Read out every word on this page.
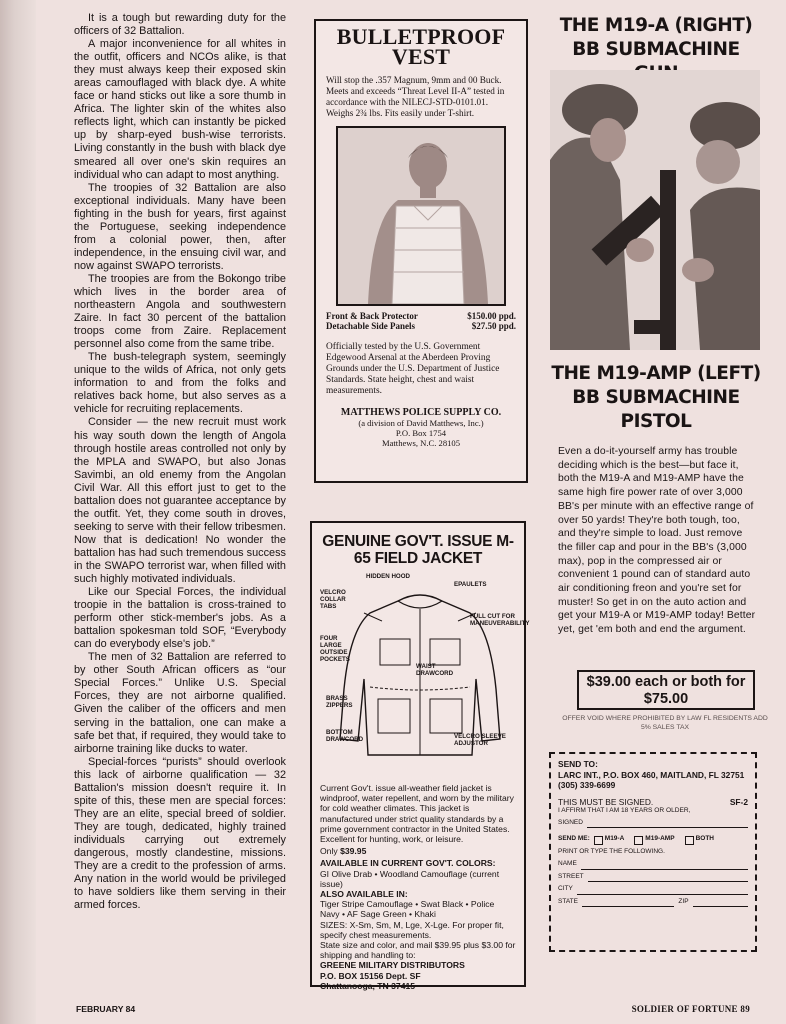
It is a tough but rewarding duty for the officers of 32 Battalion.

A major inconvenience for all whites in the outfit, officers and NCOs alike, is that they must always keep their exposed skin areas camouflaged with black dye. A white face or hand sticks out like a sore thumb in Africa. The lighter skin of the whites also reflects light, which can instantly be picked up by sharp-eyed bush-wise terrorists. Living constantly in the bush with black dye smeared all over one's skin requires an individual who can adapt to most anything.

The troopies of 32 Battalion are also exceptional individuals. Many have been fighting in the bush for years, first against the Portuguese, seeking independence from a colonial power, then, after independence, in the ensuing civil war, and now against SWAPO terrorists.

The troopies are from the Bokongo tribe which lives in the border area of northeastern Angola and southwestern Zaire. In fact 30 percent of the battalion troops come from Zaire. Replacement personnel also come from the same tribe.

The bush-telegraph system, seemingly unique to the wilds of Africa, not only gets information to and from the folks and relatives back home, but also serves as a vehicle for recruiting replacements.

Consider — the new recruit must work his way south down the length of Angola through hostile areas controlled not only by the MPLA and SWAPO, but also Jonas Savimbi, an old enemy from the Angolan Civil War. All this effort just to get to the battalion does not guarantee acceptance by the outfit. Yet, they come south in droves, seeking to serve with their fellow tribesmen. Now that is dedication! No wonder the battalion has had such tremendous success in the SWAPO terrorist war, when filled with such highly motivated individuals.

Like our Special Forces, the individual troopie in the battalion is cross-trained to perform other stick-member's jobs. As a battalion spokesman told SOF, “Everybody can do everybody else's job.”

The men of 32 Battalion are referred to by other South African officers as “our Special Forces.” Unlike U.S. Special Forces, they are not airborne qualified. Given the caliber of the officers and men serving in the battalion, one can make a safe bet that, if required, they would take to airborne training like ducks to water.

Special-forces “purists” should overlook this lack of airborne qualification — 32 Battalion's mission doesn't require it. In spite of this, these men are special forces: They are an elite, special breed of soldier. They are tough, dedicated, highly trained individuals carrying out extremely dangerous, mostly clandestine, missions. They are a credit to the profession of arms. Any nation in the world would be privileged to have soldiers like them serving in their armed forces.

BULLETPROOF VEST
Will stop the .357 Magnum, 9mm and 00 Buck. Meets and exceeds “Threat Level II-A” tested in accordance with the NILECJ-STD-0101.01. Weighs 2¾ lbs. Fits easily under T-shirt.
Front & Back Protector	$150.00 ppd.
Detachable Side Panels	$27.50 ppd.
Officially tested by the U.S. Government Edgewood Arsenal at the Aberdeen Proving Grounds under the U.S. Department of Justice Standards. State height, chest and waist measurements.
MATTHEWS POLICE SUPPLY CO.
(a division of David Matthews, Inc.)
P.O. Box 1754
Matthews, N.C. 28105
GENUINE GOV'T. ISSUE M-65 FIELD JACKET
HIDDEN HOOD
EPAULETS
VELCRO COLLAR TABS
FULL CUT FOR MANEUVERABILITY
FOUR LARGE OUTSIDE POCKETS
WAIST DRAWCORD
BRASS ZIPPERS
BOTTOM DRAWCORD	VELCRO SLEEVE ADJUSTOR
Current Gov't. issue all-weather field jacket is windproof, water repellent, and worn by the military for cold weather climates. This jacket is manufactured under strict quality standards by a prime government contractor in the United States. Excellent for hunting, work, or leisure.
Only $39.95
AVAILABLE IN CURRENT GOV'T. COLORS:
GI Olive Drab • Woodland Camouflage (current issue)
ALSO AVAILABLE IN:
Tiger Stripe Camouflage • Swat Black • Police Navy • AF Sage Green • Khaki
SIZES: X-Sm, Sm, M, Lge, X-Lge. For proper fit, specify chest measurements.
State size and color, and mail $39.95 plus $3.00 for shipping and handling to:
GREENE MILITARY DISTRIBUTORS
P.O. BOX 15156 Dept. SF
Chattanooga, TN 37415
THE M19-A (RIGHT) BB SUBMACHINE
THE M19-AMP (LEFT) BB SUBMACHINE PISTOL
Even a do-it-yourself army has trouble deciding which is the best—but face it, both the M19-A and M19-AMP have the same high fire power rate of over 3,000 BB's per minute with an effective range of over 50 yards! They're both tough, too, and they're simple to load. Just remove the filler cap and pour in the BB's (3,000 max), pop in the compressed air or convenient 1 pound can of standard auto air conditioning freon and you're set for muster! So get in on the auto action and get your M19-A or M19-AMP today! Better yet, get 'em both and end the argument.
$39.00 each or both for $75.00
OFFER VOID WHERE PROHIBITED BY LAW FL RESIDENTS ADD 5% SALES TAX
SEND TO:
LARC INT., P.O. BOX 460, MAITLAND, FL 32751
(305) 339-6699
THIS MUST BE SIGNED.	SF-2
I AFFIRM THAT I AM 18 YEARS OR OLDER,
SIGNED
SEND ME: M19-A	M19-AMP	BOTH
PRINT OR TYPE THE FOLLOWING.
NAME
STREET
CITY
STATE	ZIP
FEBRUARY 84	SOLDIER OF FORTUNE 89
